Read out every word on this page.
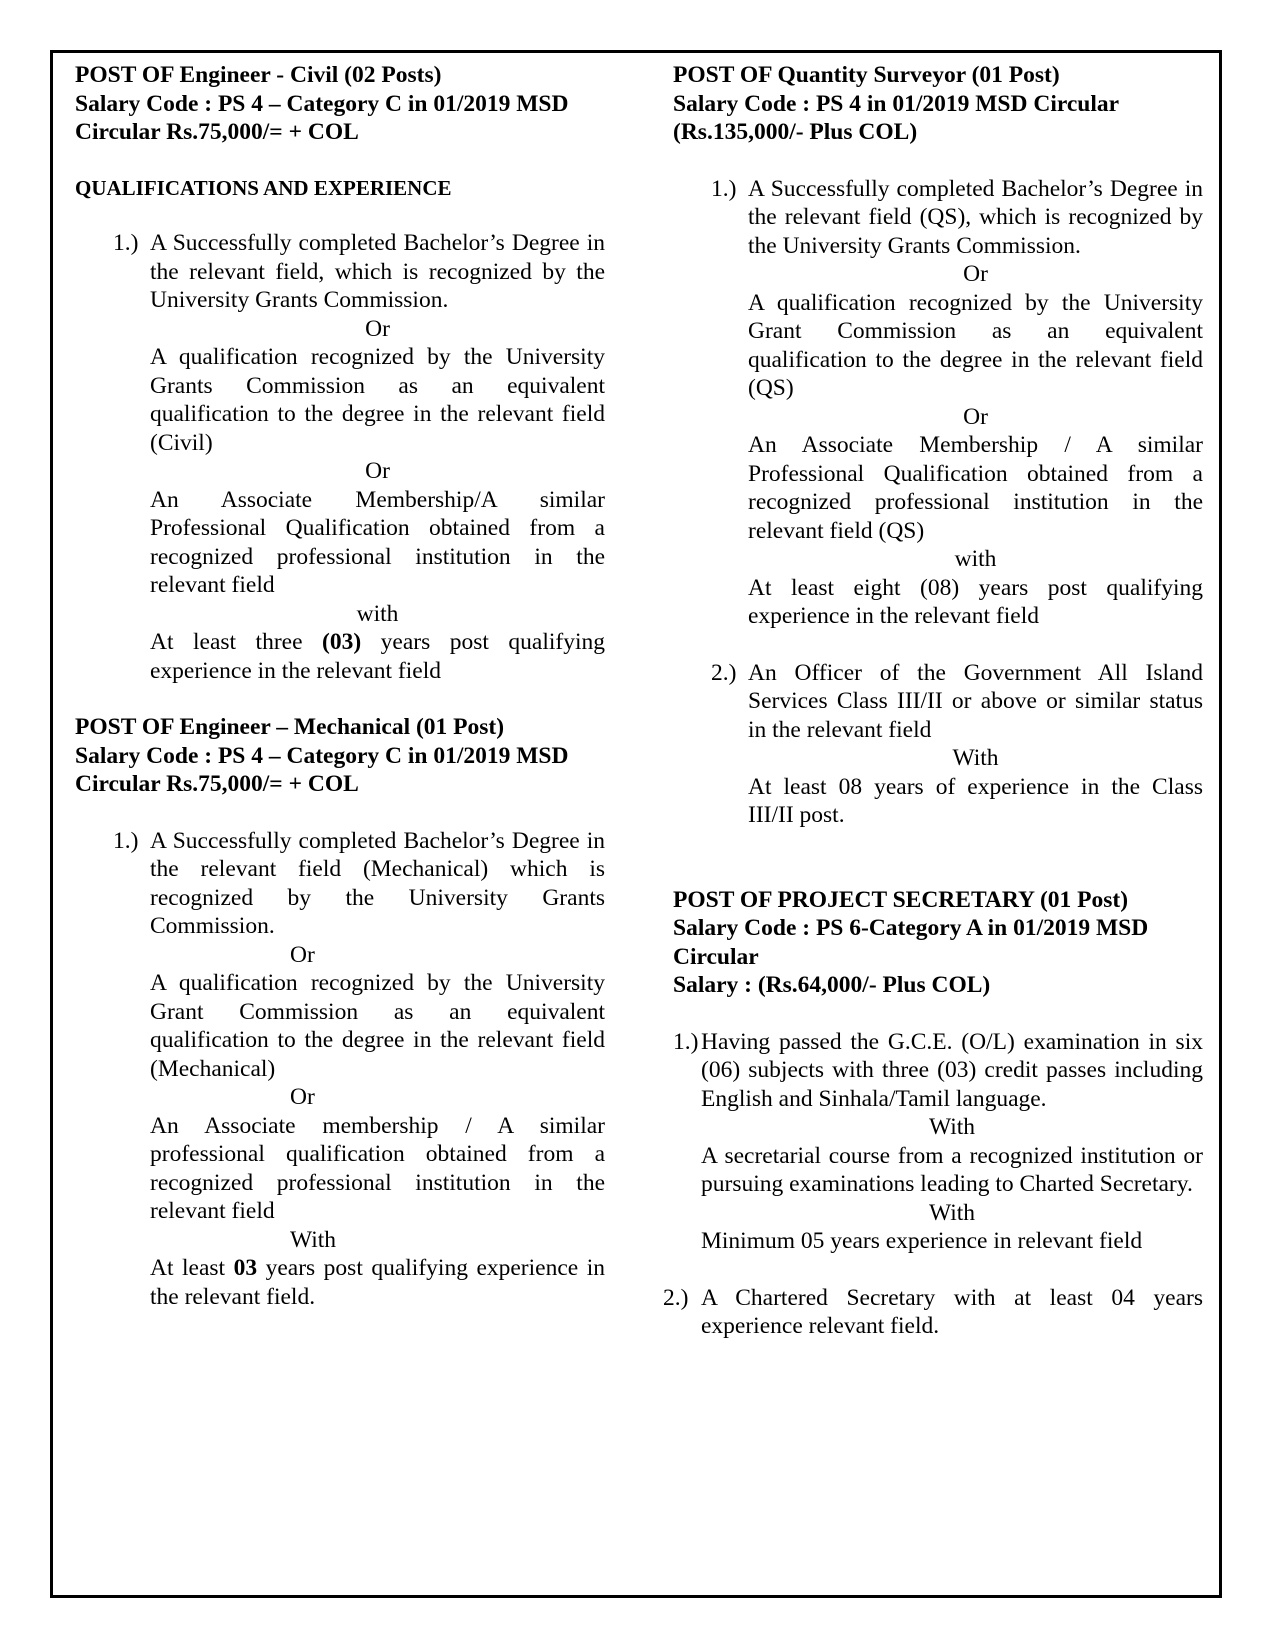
POST OF Engineer - Civil (02 Posts)

Salary Code : PS 4 – Category C in 01/2019 MSD

Circular Rs.75,000/= + COL

QUALIFICATIONS AND EXPERIENCE

1.) A Successfully completed Bachelor’s Degree in the relevant field, which is recognized by the University Grants Commission.

Or

A qualification recognized by the University Grants Commission as an equivalent qualification to the degree in the relevant field (Civil)

Or

An Associate Membership/A similar Professional Qualification obtained from a recognized professional institution in the relevant field

with

At least three (03) years post qualifying experience in the relevant field

POST OF Engineer – Mechanical (01 Post)

Salary Code : PS 4 – Category C in 01/2019 MSD

Circular Rs.75,000/= + COL

1.) A Successfully completed Bachelor’s Degree in the relevant field (Mechanical) which is recognized by the University Grants Commission.

Or

A qualification recognized by the University Grant Commission as an equivalent qualification to the degree in the relevant field (Mechanical)

Or

An Associate membership / A similar professional qualification obtained from a recognized professional institution in the relevant field

With

At least 03 years post qualifying experience in the relevant field.

POST OF Quantity Surveyor (01 Post)

Salary Code : PS 4 in 01/2019 MSD Circular

(Rs.135,000/- Plus COL)

1.) A Successfully completed Bachelor’s Degree in the relevant field (QS), which is recognized by the University Grants Commission.

Or

A qualification recognized by the University Grant Commission as an equivalent qualification to the degree in the relevant field (QS)

Or

An Associate Membership / A similar Professional Qualification obtained from a recognized professional institution in the relevant field (QS)

with

At least eight (08) years post qualifying experience in the relevant field

2.) An Officer of the Government All Island Services Class III/II or above or similar status in the relevant field

With

At least 08 years of experience in the Class III/II post.

POST OF PROJECT SECRETARY (01 Post)

Salary Code : PS 6-Category A in 01/2019 MSD

Circular

Salary : (Rs.64,000/- Plus COL)

1.) Having passed the G.C.E. (O/L) examination in six (06) subjects with three (03) credit passes including English and Sinhala/Tamil language.

With

A secretarial course from a recognized institution or pursuing examinations leading to Charted Secretary.

With

Minimum 05 years experience in relevant field

2.) A Chartered Secretary with at least 04 years experience relevant field.
